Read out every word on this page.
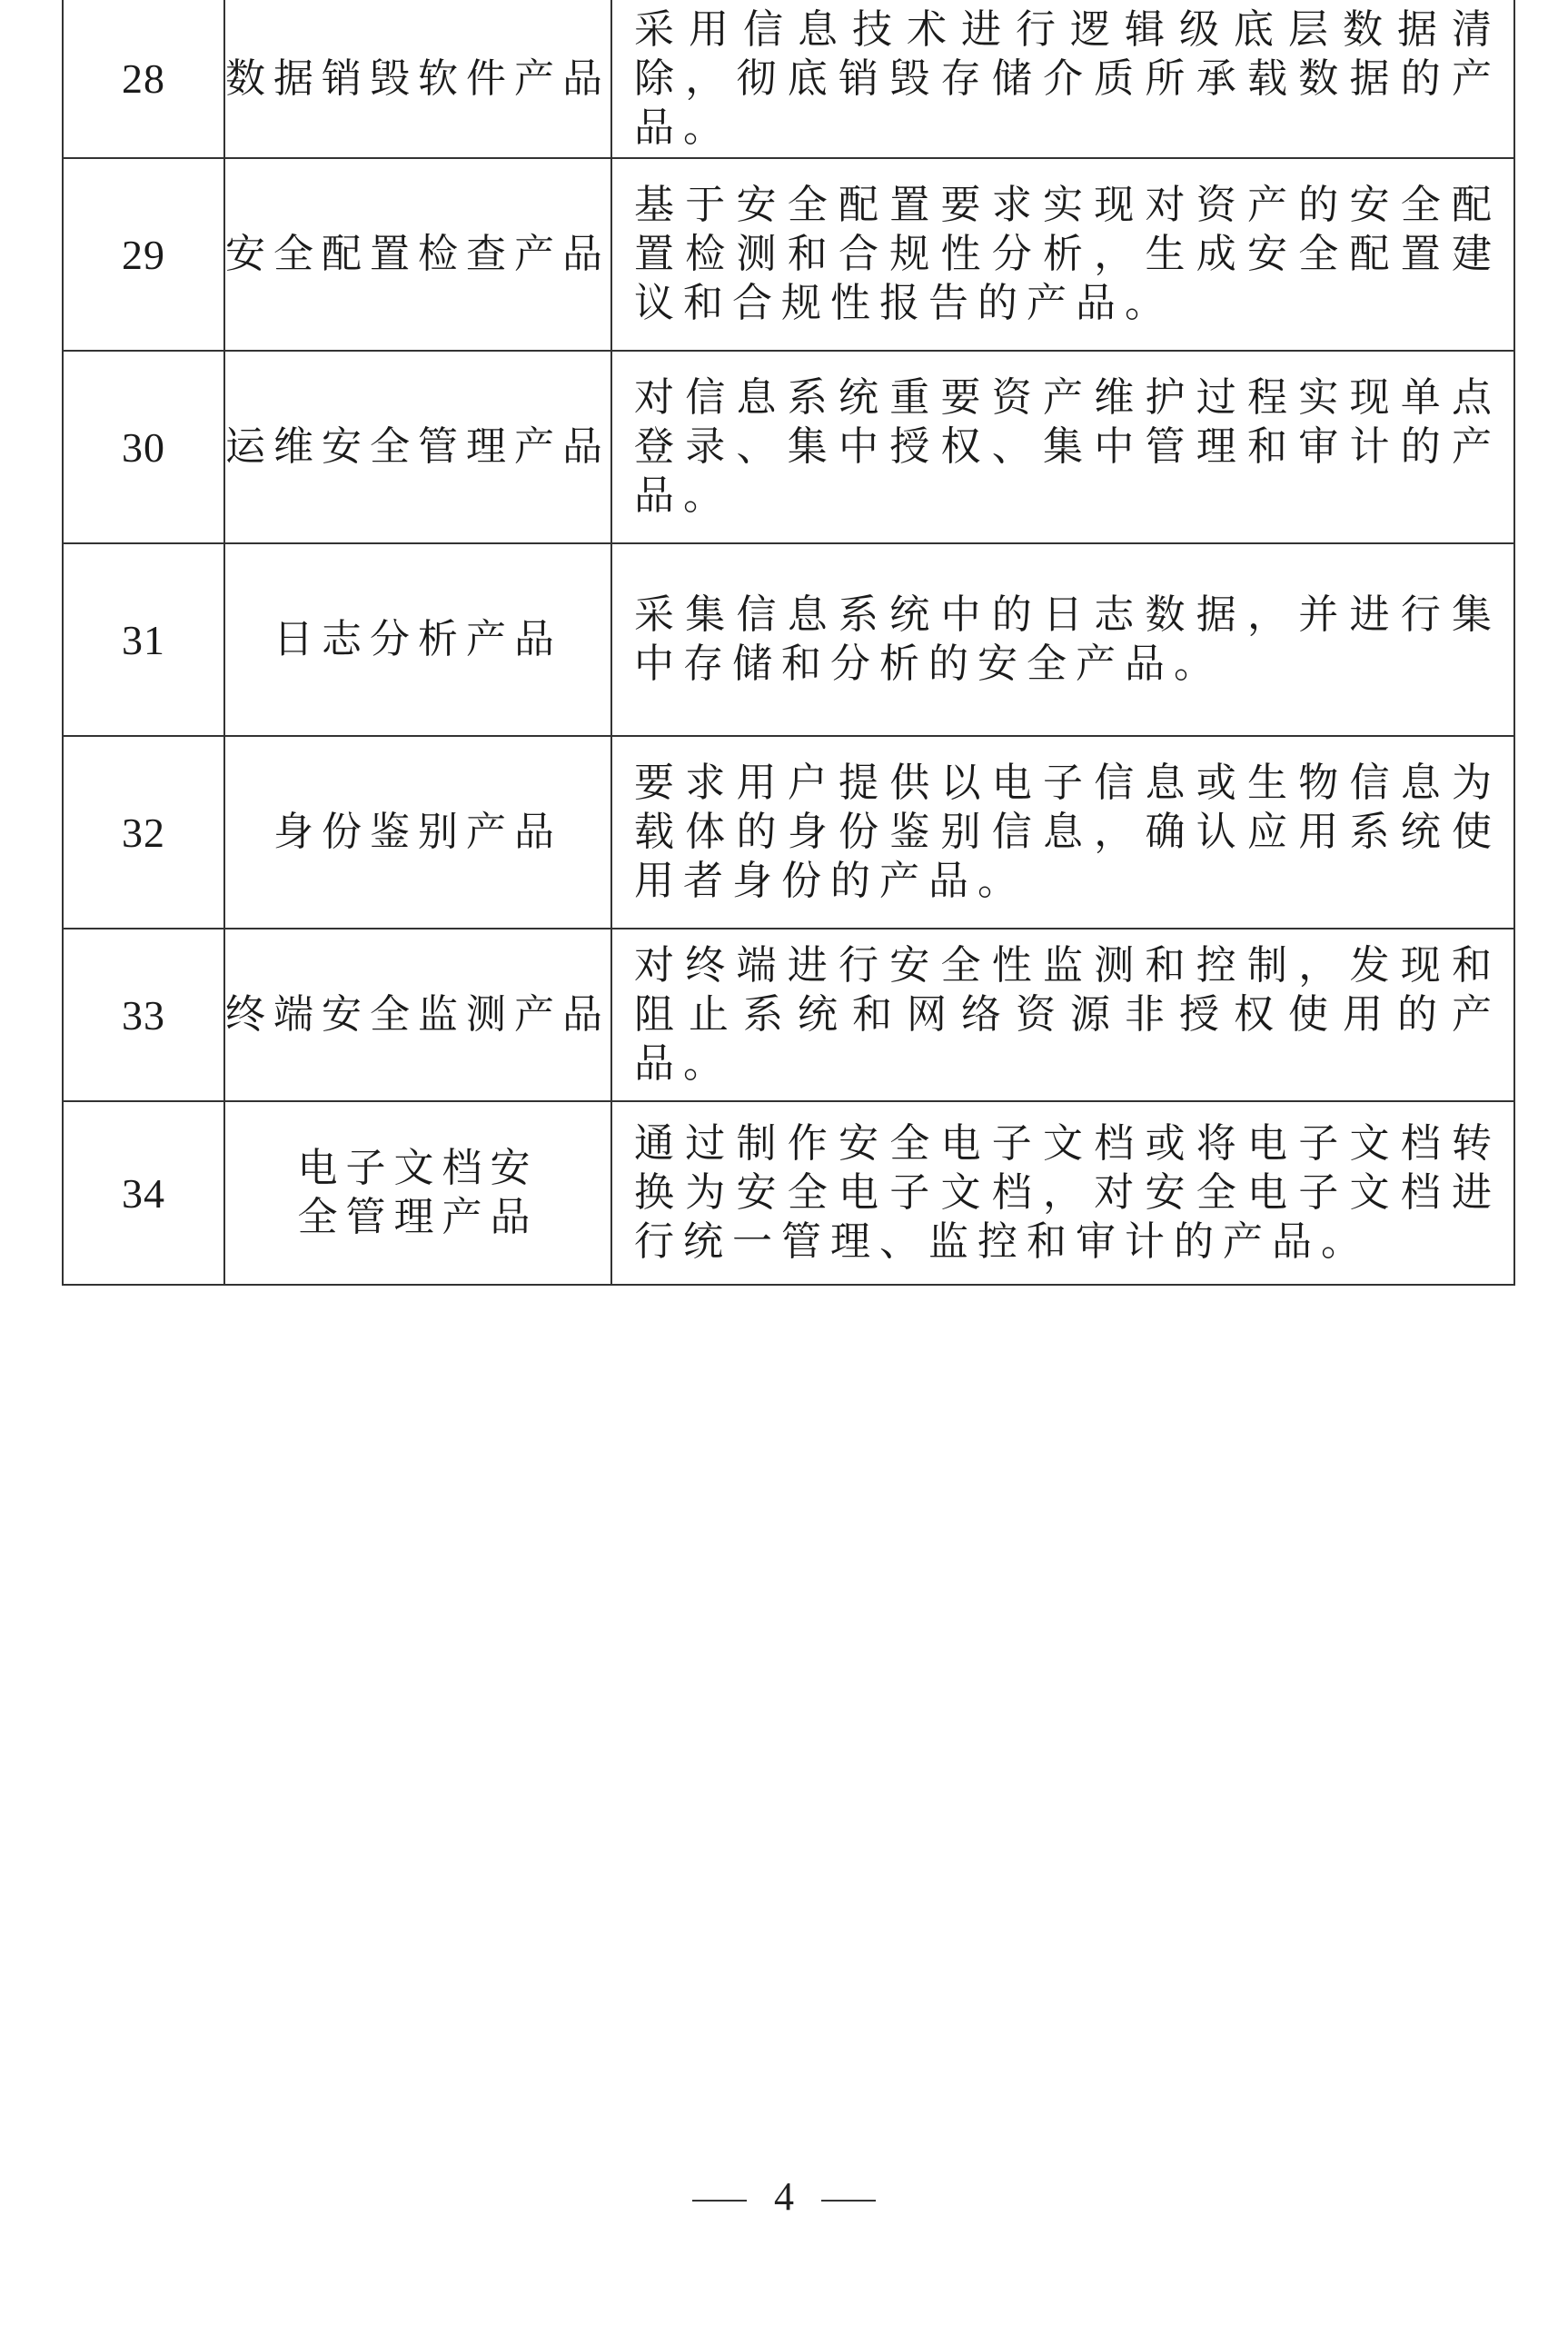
28	数据销毁软件产品	采用信息技术进行逻辑级底层数据清除，彻底销毁存储介质所承载数据的产品。
29	安全配置检查产品	基于安全配置要求实现对资产的安全配置检测和合规性分析，生成安全配置建议和合规性报告的产品。
30	运维安全管理产品	对信息系统重要资产维护过程实现单点登录、集中授权、集中管理和审计的产品。
31	日志分析产品	采集信息系统中的日志数据，并进行集中存储和分析的安全产品。
32	身份鉴别产品	要求用户提供以电子信息或生物信息为载体的身份鉴别信息，确认应用系统使用者身份的产品。
33	终端安全监测产品	对终端进行安全性监测和控制，发现和阻止系统和网络资源非授权使用的产品。
34	电子文档安全管理产品	通过制作安全电子文档或将电子文档转换为安全电子文档，对安全电子文档进行统一管理、监控和审计的产品。
4
